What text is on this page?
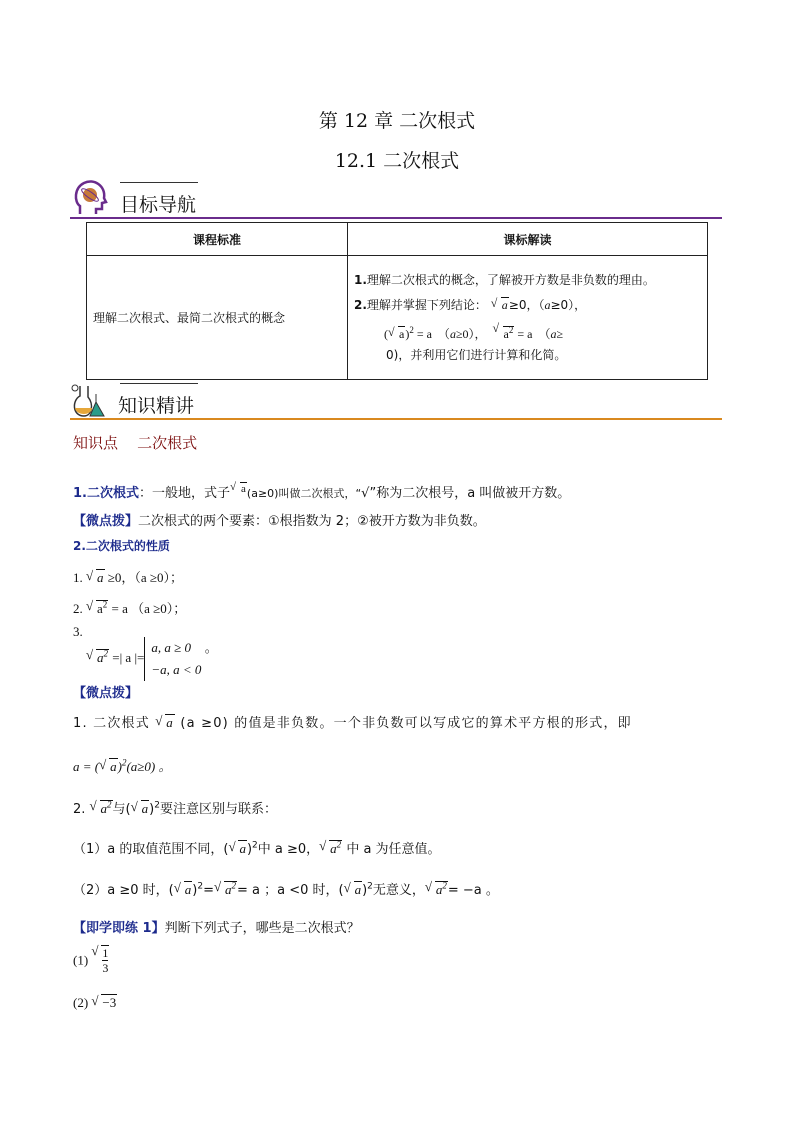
第 12 章 二次根式
12.1 二次根式
目标导航
课程标准	课标解读
理解二次根式、最简二次根式的概念	1.理解二次根式的概念，了解被开方数是非负数的理由。
2.理解并掌握下列结论： √ a≥0，（a≥0），
( √ a)$^2$ = a （a≥0）， √ $a^2 = a$ （a≥
0)，并利用它们进行计算和化简。
知识精讲
知识点 二次根式
1.二次根式：一般地，式子 √ $^a$(a≥0)叫做二次根式，“√”称为二次根号，a 叫做被开方数。
【微点拨】二次根式的两个要素：①根指数为 2；②被开方数为非负数。
2.二次根式的性质
1. √ a ≥0，（a ≥0）；
2. √ $a^2 = a$ （a ≥0）；
3.
√ $a^2$ =| a |=a, a ≥ 0
−a, a < 0 。
【微点拨】
1. 二次根式 √ a (a ≥0) 的值是非负数。一个非负数可以写成它的算术平方根的形式，即
a = ( √ a)$^2$(a≥0) 。
2. √ $a^2$与( √ a)$^2$要注意区别与联系：
（1）a 的取值范围不同，( √ a)$^2$中 a ≥0， √ $a^2$ 中 a 为任意值。
（2）a ≥0 时，( √ a)$^2$= √ $a^2= a$ ；a <0 时，( √ a)$^2$无意义， √ $a^2= -a$ 。
【即学即练 1】判断下列式子，哪些是二次根式？
(1) √ $\frac{1}{3}$
(2) √ −3
